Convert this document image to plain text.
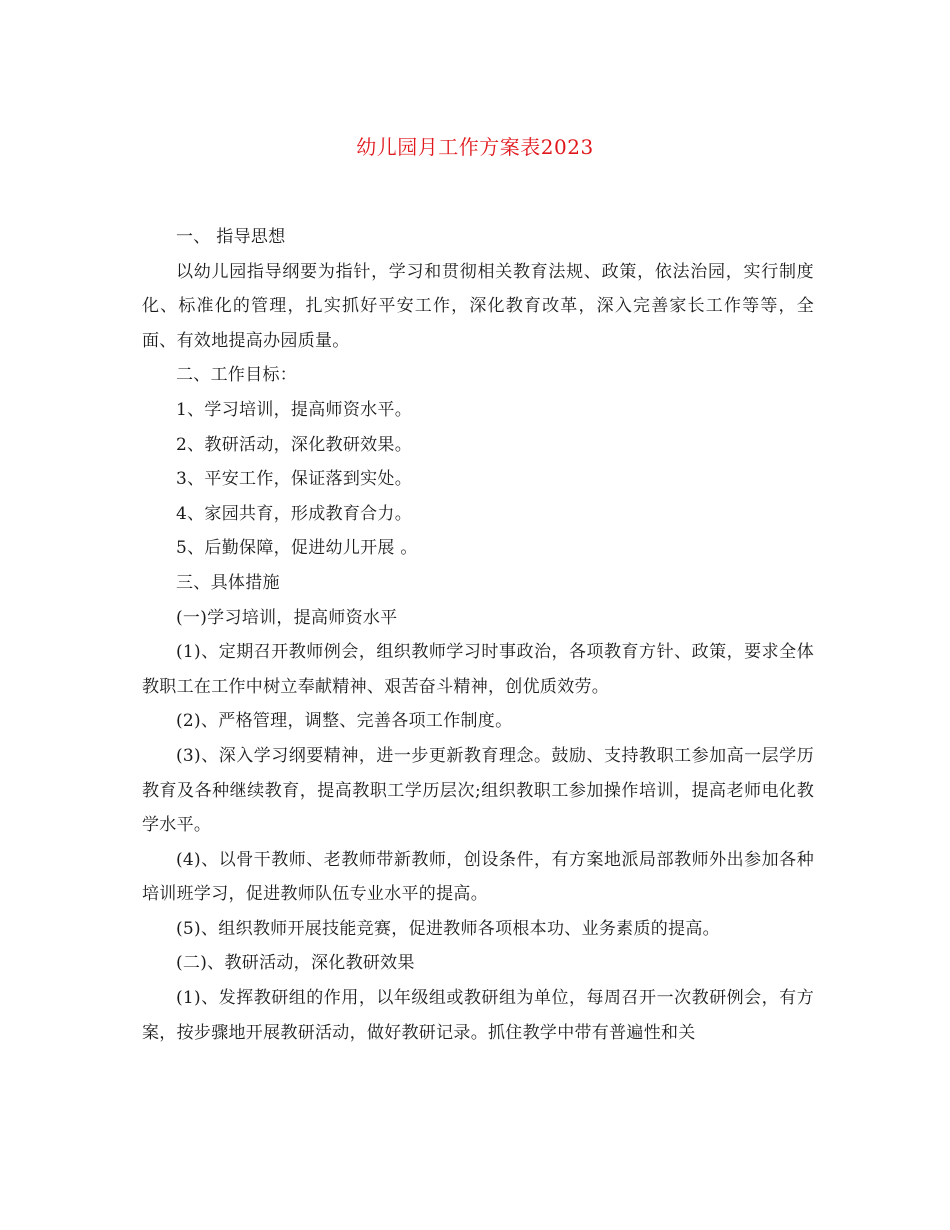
幼儿园月工作方案表2023

一、 指导思想

以幼儿园指导纲要为指针，学习和贯彻相关教育法规、政策，依法治园，实行制度化、标准化的管理，扎实抓好平安工作，深化教育改革，深入完善家长工作等等，全面、有效地提高办园质量。

二、工作目标：

1、学习培训，提高师资水平。

2、教研活动，深化教研效果。

3、平安工作，保证落到实处。

4、家园共育，形成教育合力。

5、后勤保障，促进幼儿开展 。

三、具体措施

(一)学习培训，提高师资水平

(1)、定期召开教师例会，组织教师学习时事政治，各项教育方针、政策，要求全体教职工在工作中树立奉献精神、艰苦奋斗精神，创优质效劳。

(2)、严格管理，调整、完善各项工作制度。

(3)、深入学习纲要精神，进一步更新教育理念。鼓励、支持教职工参加高一层学历教育及各种继续教育，提高教职工学历层次;组织教职工参加操作培训，提高老师电化教学水平。

(4)、以骨干教师、老教师带新教师，创设条件，有方案地派局部教师外出参加各种培训班学习，促进教师队伍专业水平的提高。

(5)、组织教师开展技能竞赛，促进教师各项根本功、业务素质的提高。

(二)、教研活动，深化教研效果

(1)、发挥教研组的作用，以年级组或教研组为单位，每周召开一次教研例会，有方案，按步骤地开展教研活动，做好教研记录。抓住教学中带有普遍性和关
